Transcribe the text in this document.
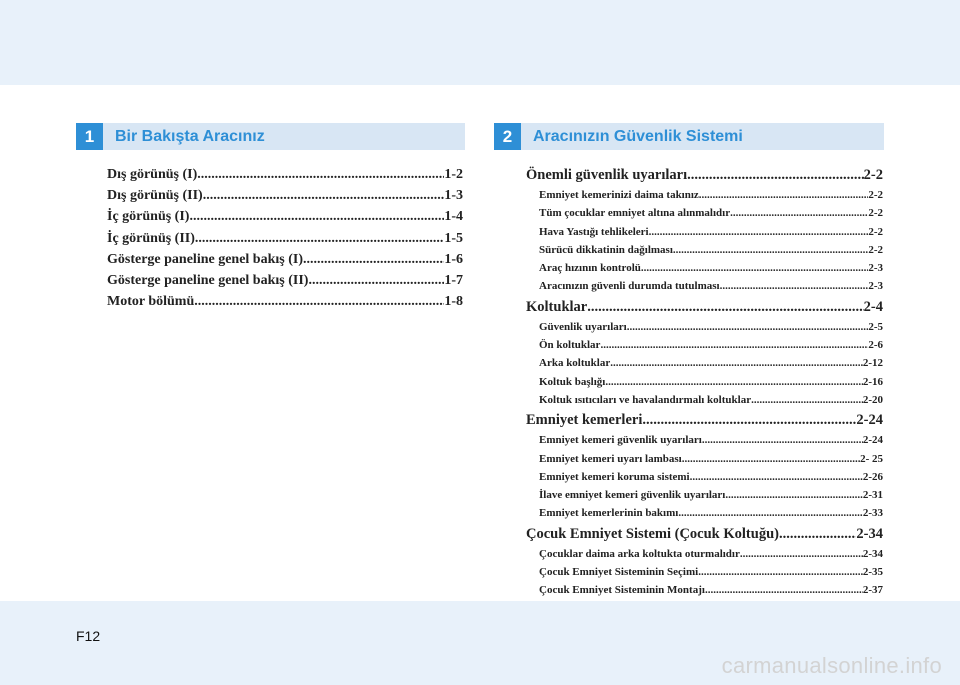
1	Bir Bakışta Aracınız	2	Aracınızın Güvenlik Sistemi
Dış görünüş (I) .....	1-2
Dış görünüş (II) .....	1-3
İç görünüş (I) .....	1-4
İç görünüş (II) .....	1-5
Gösterge paneline genel bakış (I) .....	1-6
Gösterge paneline genel bakış (II) .....	1-7
Motor bölümü .....	1-8
Önemli güvenlik uyarıları .....	2-2
Emniyet kemerinizi daima takınız .....	2-2
Tüm çocuklar emniyet altına alınmalıdır .....	2-2
Hava Yastığı tehlikeleri .....	2-2
Sürücü dikkatinin dağılması .....	2-2
Araç hızının kontrolü .....	2-3
Aracınızın güvenli durumda tutulması .....	2-3
Koltuklar .....	2-4
Güvenlik uyarıları .....	2-5
Ön koltuklar .....	2-6
Arka koltuklar .....	2-12
Koltuk başlığı .....	2-16
Koltuk ısıtıcıları ve havalandırmalı koltuklar .....	2-20
Emniyet kemerleri .....	2-24
Emniyet kemeri güvenlik uyarıları .....	2-24
Emniyet kemeri uyarı lambası .....	2- 25
Emniyet kemeri koruma sistemi .....	2-26
İlave emniyet kemeri güvenlik uyarıları .....	2-31
Emniyet kemerlerinin bakımı .....	2-33
Çocuk Emniyet Sistemi (Çocuk Koltuğu) .....	2-34
Çocuklar daima arka koltukta oturmalıdır .....	2-34
Çocuk Emniyet Sisteminin Seçimi .....	2-35
Çocuk Emniyet Sisteminin Montajı .....	2-37
F12
carmanualsonline.info
